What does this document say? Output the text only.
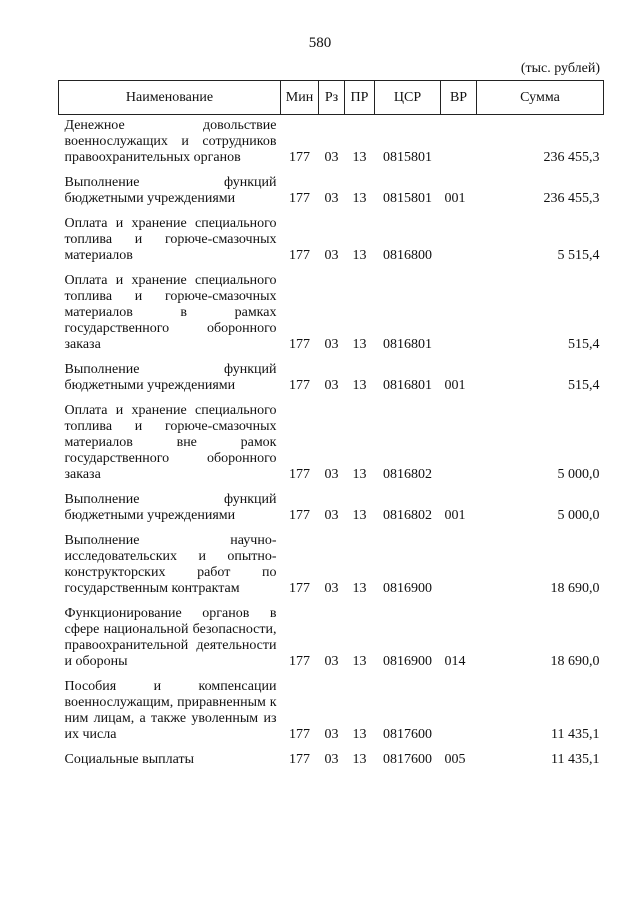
580
(тыс. рублей)
Наименование	Мин	Рз	ПР	ЦСР	ВР	Сумма
Денежное довольствие военнослужащих и сотрудников правоохранительных органов	177	03	13	0815801		236 455,3
Выполнение функций бюджетными учреждениями	177	03	13	0815801	001	236 455,3
Оплата и хранение специального топлива и горюче-смазочных материалов	177	03	13	0816800		5 515,4
Оплата и хранение специального топлива и горюче-смазочных материалов в рамках государственного оборонного заказа	177	03	13	0816801		515,4
Выполнение функций бюджетными учреждениями	177	03	13	0816801	001	515,4
Оплата и хранение специального топлива и горюче-смазочных материалов вне рамок государственного оборонного заказа	177	03	13	0816802		5 000,0
Выполнение функций бюджетными учреждениями	177	03	13	0816802	001	5 000,0
Выполнение научно-исследовательских и опытно-конструкторских работ по государственным контрактам	177	03	13	0816900		18 690,0
Функционирование органов в сфере национальной безопасности, правоохранительной деятельности и обороны	177	03	13	0816900	014	18 690,0
Пособия и компенсации военнослужащим, приравненным к ним лицам, а также уволенным из их числа	177	03	13	0817600		11 435,1
Социальные выплаты	177	03	13	0817600	005	11 435,1
